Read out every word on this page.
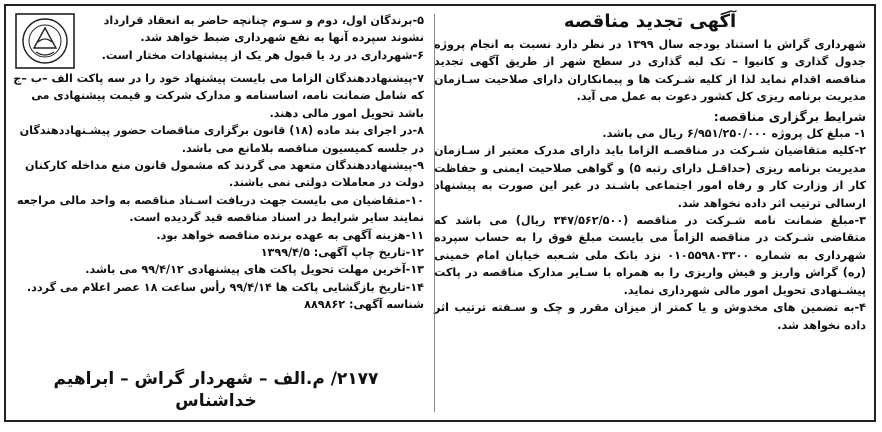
آگهی تجدید مناقصه

شهرداری گراش با استناد بودجه سال ۱۳۹۹ در نظر دارد نسبت به انجام پروژه جدول گذاری و کانیوا – تک لبه گذاری در سطح شهر از طریق آگهی تجدید مناقصه اقدام نماید لذا از کلیه شـرکت ها و پیمانکاران دارای صلاحیت سـازمان مدیریت برنامه ریزی کل کشور دعوت به عمل می آید.

شرایط برگزاری مناقصه:

۱- مبلغ کل پروژه ۶/۹۵۱/۲۵۰/۰۰۰ ریال می باشد.

۲-کلیه متقاضیان شـرکت در مناقصـه الزاما باید دارای مدرک معتبر از سـازمان مدیریت برنامه ریزی (حداقـل دارای رتبه ۵) و گواهی صلاحیت ایمنی و حفاظت کار از وزارت کار و رفاه امور اجتماعی باشـند در غیر این صورت به پیشنهاد ارسالی ترتیب اثر داده نخواهد شد.

۳-مبلغ ضمانت نامه شـرکت در مناقصه (۳۴۷/۵۶۲/۵۰۰ ریال) می باشد که متقاضی شـرکت در مناقصه الزاماً می بایست مبلغ فوق را به حساب سپرده شهرداری به شماره ۰۱۰۵۵۹۸۰۳۳۰۰ نزد بانک ملی شـعبه خیابان امام خمینی (ره) گراش واریز و فیش واریزی را به همراه با سـایر مدارک مناقصه در پاکت پیشـنهادی تحویل امور مالی شهرداری نماید.

۴-به تضمین های مخدوش و یا کمتر از میزان مقرر و چک و سـفته ترتیب اثر داده نخواهد شد.

۵-برندگان اول، دوم و سـوم چنانچه حاضر به انعقاد قرارداد نشوند سپرده آنها به نفع شهرداری ضبط خواهد شد.

۶-شهرداری در رد یا قبول هر یک از پیشنهادات مختار است.

۷-پیشنهاددهندگان الزاما می بایست پیشنهاد خود را در سه پاکت الف –ب –ج که شامل ضمانت نامه، اساسنامه و مدارک شرکت و قیمت پیشنهادی می باشد تحویل امور مالی دهند.

۸-در اجرای بند ماده (۱۸) قانون برگزاری مناقصات حضور پیشـنهاددهندگان در جلسه کمیسیون مناقصه بلامانع می باشد.

۹-پیشنهاددهندگان متعهد می گردند که مشمول قانون منع مداخله کارکنان دولت در معاملات دولتی نمی باشند.

۱۰-متقاضیان می بایست جهت دریافت اسـناد مناقصه به واحد مالی مراجعه نمایند سایر شرایط در اسناد مناقصه قید گردیده است.

۱۱-هزینه آگهی به عهده برنده مناقصه خواهد بود.

۱۲-تاریخ چاپ آگهی: ۱۳۹۹/۴/۵

۱۳-آخرین مهلت تحویل پاکت های پیشنهادی ۹۹/۴/۱۲ می باشد.

۱۴-تاریخ بازگشایی پاکت ها ۹۹/۴/۱۴ رأس ساعت ۱۸ عصر اعلام می گردد.

شناسه آگهی: ۸۸۹۸۶۲

۲۱۷۷/ م.الف – شهردار گراش – ابراهیم خداشناس
